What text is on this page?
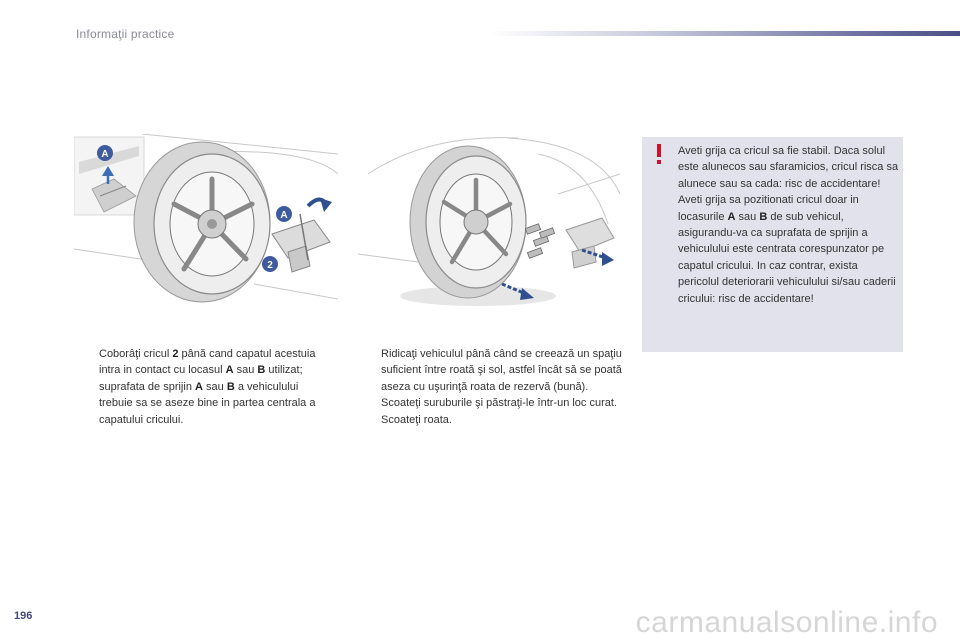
Informaţii practice
A
A
2
Aveti grija ca cricul sa fie stabil. Daca solul este alunecos sau sfaramicios, cricul risca sa alunece sau sa cada: risc de accidentare!
Aveti grija sa pozitionati cricul doar in locasurile A sau B de sub vehicul, asigurandu-va ca suprafata de sprijin a vehiculului este centrata corespunzator pe capatul cricului. In caz contrar, exista pericolul deteriorarii vehiculului si/sau caderii cricului: risc de accidentare!
Coborâţi cricul 2 până cand capatul acestuia intra in contact cu locasul A sau B utilizat; suprafata de sprijin A sau B a vehiculului trebuie sa se aseze bine in partea centrala a capatului cricului.
Ridicaţi vehiculul până când se creează un spaţiu suficient între roată şi sol, astfel încât să se poată aseza cu uşurinţă roata de rezervă (bună).
Scoateţi suruburile şi păstraţi-le într-un loc curat.
Scoateţi roata.
196	carmanualsonline.info
